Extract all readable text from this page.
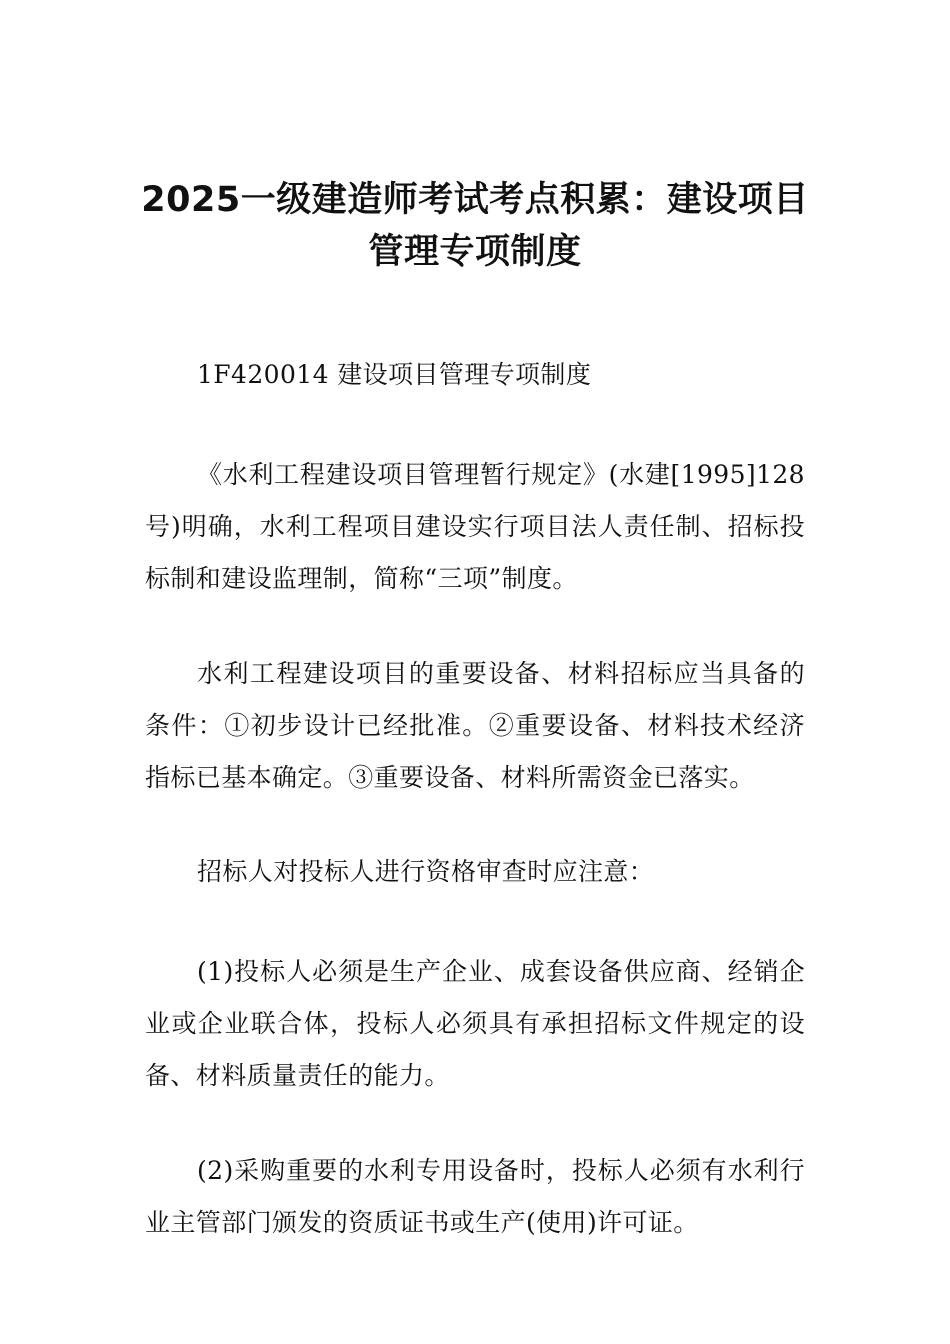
2025一级建造师考试考点积累：建设项目
管理专项制度

1F420014 建设项目管理专项制度

《水利工程建设项目管理暂行规定》(水建[1995]128号)明确，水利工程项目建设实行项目法人责任制、招标投标制和建设监理制，简称“三项”制度。

水利工程建设项目的重要设备、材料招标应当具备的条件：①初步设计已经批准。②重要设备、材料技术经济指标已基本确定。③重要设备、材料所需资金已落实。

招标人对投标人进行资格审查时应注意：

(1)投标人必须是生产企业、成套设备供应商、经销企业或企业联合体，投标人必须具有承担招标文件规定的设备、材料质量责任的能力。

(2)采购重要的水利专用设备时，投标人必须有水利行业主管部门颁发的资质证书或生产(使用)许可证。
